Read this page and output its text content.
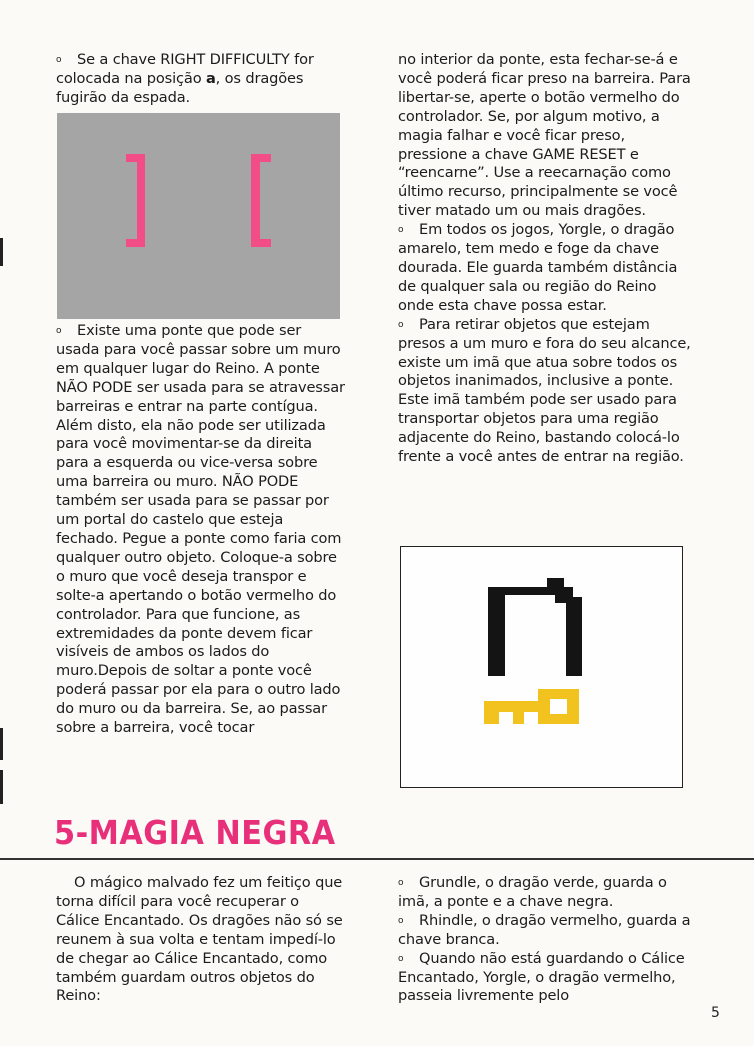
oSe a chave RIGHT DIFFICULTY for colocada na posição a, os dragões fugirão da espada.

oExiste uma ponte que pode ser usada para você passar sobre um muro em qualquer lugar do Reino. A ponte NÃO PODE ser usada para se atravessar barreiras e entrar na parte contígua. Além disto, ela não pode ser utilizada para você movimentar-se da direita para a esquerda ou vice-versa sobre uma barreira ou muro. NÃO PODE também ser usada para se passar por um portal do castelo que esteja fechado. Pegue a ponte como faria com qualquer outro objeto. Coloque-a sobre o muro que você deseja transpor e solte-a apertando o botão vermelho do controlador. Para que funcione, as extremidades da ponte devem ficar visíveis de ambos os lados do muro.Depois de soltar a ponte você poderá passar por ela para o outro lado do muro ou da barreira. Se, ao passar sobre a barreira, você tocar

no interior da ponte, esta fechar-se-á e você poderá ficar preso na barreira. Para libertar-se, aperte o botão vermelho do controlador. Se, por algum motivo, a magia falhar e você ficar preso, pressione a chave GAME RESET e “reencarne”. Use a reecarnação como último recurso, principalmente se você tiver matado um ou mais dragões.

oEm todos os jogos, Yorgle, o dragão amarelo, tem medo e foge da chave dourada. Ele guarda também distância de qualquer sala ou região do Reino onde esta chave possa estar.

oPara retirar objetos que estejam presos a um muro e fora do seu alcance, existe um imã que atua sobre todos os objetos inanimados, inclusive a ponte. Este imã também pode ser usado para transportar objetos para uma região adjacente do Reino, bastando colocá-lo frente a você antes de entrar na região.

5-MAGIA NEGRA

O mágico malvado fez um feitiço que torna difícil para você recuperar o Cálice Encantado. Os dragões não só se reunem à sua volta e tentam impedí-lo de chegar ao Cálice Encantado, como também guardam outros objetos do Reino:

oGrundle, o dragão verde, guarda o imã, a ponte e a chave negra.

oRhindle, o dragão vermelho, guarda a chave branca.

oQuando não está guardando o Cálice Encantado, Yorgle, o dragão vermelho, passeia livremente pelo

5
